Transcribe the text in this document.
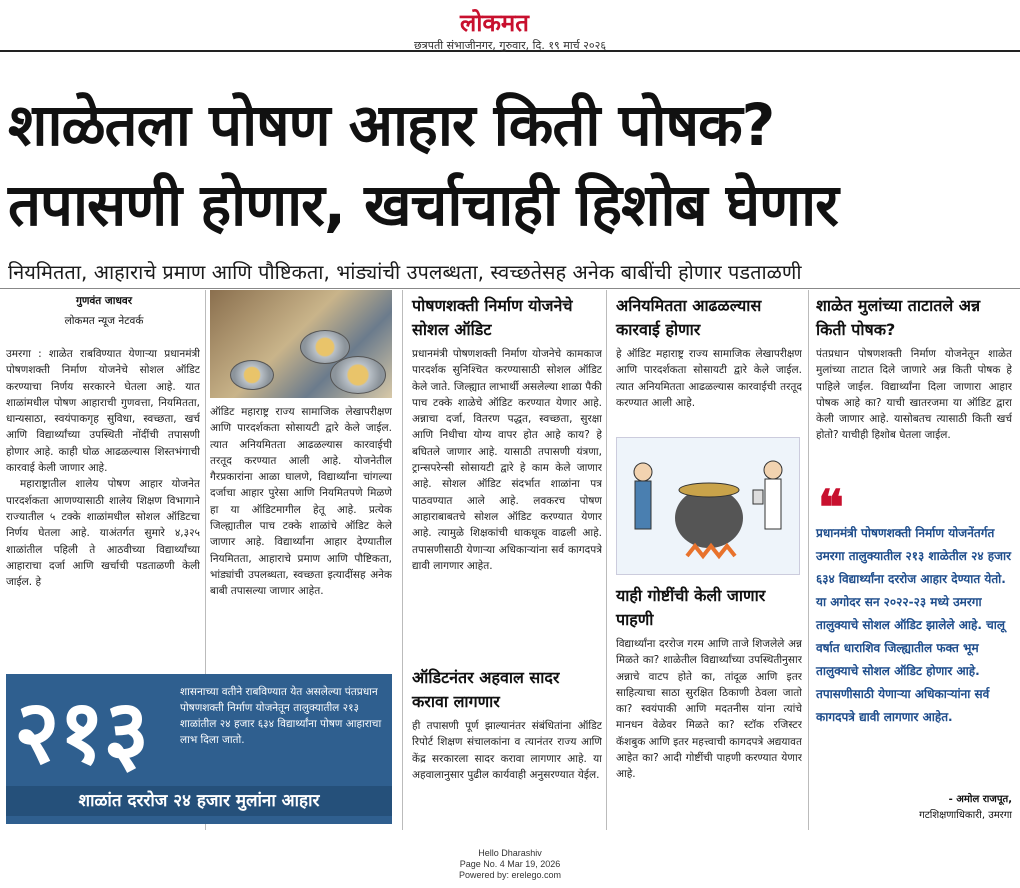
लोकमत
छत्रपती संभाजीनगर, गुरुवार, दि. १९ मार्च २०२६
शाळेतला पोषण आहार किती पोषक?
तपासणी होणार, खर्चाचाही हिशोब घेणार
नियमितता, आहाराचे प्रमाण आणि पौष्टिकता, भांड्यांची उपलब्धता, स्वच्छतेसह अनेक बाबींची होणार पडताळणी
गुणवंत जाधवर
लोकमत न्यूज नेटवर्क

उमरगा : शाळेत राबविण्यात येणाऱ्या प्रधानमंत्री पोषणशक्ती निर्माण योजनेचे सोशल ऑडिट करण्याचा निर्णय सरकारने घेतला आहे. यात शाळांमधील पोषण आहाराची गुणवत्ता, नियमितता, धान्यसाठा, स्वयंपाकगृह सुविधा, स्वच्छता, खर्च आणि विद्यार्थ्यांच्या उपस्थिती नोंदींची तपासणी होणार आहे. काही घोळ आढळल्यास शिस्तभंगाची कारवाई केली जाणार आहे.

महाराष्ट्रातील शालेय पोषण आहार योजनेत पारदर्शकता आणण्यासाठी शालेय शिक्षण विभागाने राज्यातील ५ टक्के शाळांमधील सोशल ऑडिटचा निर्णय घेतला आहे. याअंतर्गत सुमारे ४,३२५ शाळांतील पहिली ते आठवीच्या विद्यार्थ्यांच्या आहाराचा दर्जा आणि खर्चाची पडताळणी केली जाईल. हे

ऑडिट महाराष्ट्र राज्य सामाजिक लेखापरीक्षण आणि पारदर्शकता सोसायटी द्वारे केले जाईल. त्यात अनियमितता आढळल्यास कारवाईची तरतूद करण्यात आली आहे. योजनेतील गैरप्रकारांना आळा घालणे, विद्यार्थ्यांना चांगल्या दर्जाचा आहार पुरेसा आणि नियमितपणे मिळणे हा या ऑडिटमागील हेतू आहे. प्रत्येक जिल्ह्यातील पाच टक्के शाळांचे ऑडिट केले जाणार आहे. विद्यार्थ्यांना आहार देण्यातील नियमितता, आहाराचे प्रमाण आणि पौष्टिकता, भांड्यांची उपलब्धता, स्वच्छता इत्यादींसह अनेक बाबी तपासल्या जाणार आहेत.
२१३	शासनाच्या वतीने राबविण्यात येत असलेल्या पंतप्रधान पोषणशक्ती निर्माण योजनेतून तालुक्यातील २१३ शाळांतील २४ हजार ६३४ विद्यार्थ्यांना पोषण आहाराचा लाभ दिला जातो.
शाळांत दररोज २४ हजार मुलांना आहार
पोषणशक्ती निर्माण योजनेचे सोशल ऑडिट
प्रधानमंत्री पोषणशक्ती निर्माण योजनेचे कामकाज पारदर्शक सुनिश्चित करण्यासाठी सोशल ऑडिट केले जाते. जिल्ह्यात लाभार्थी असलेल्या शाळा पैकी पाच टक्के शाळेचे ऑडिट करण्यात येणार आहे. अन्नाचा दर्जा, वितरण पद्धत, स्वच्छता, सुरक्षा आणि निधीचा योग्य वापर होत आहे काय? हे बघितले जाणार आहे. यासाठी तपासणी यंत्रणा, ट्रान्सपरेन्सी सोसायटी द्वारे हे काम केले जाणार आहे. सोशल ऑडिट संदर्भात शाळांना पत्र पाठवण्यात आले आहे. लवकरच पोषण आहाराबाबतचे सोशल ऑडिट करण्यात येणार आहे. त्यामुळे शिक्षकांची धाकधूक वाढली आहे. तपासणीसाठी येणाऱ्या अधिकाऱ्यांना सर्व कागदपत्रे द्यावी लागणार आहेत.
ऑडिटनंतर अहवाल सादर करावा लागणार
ही तपासणी पूर्ण झाल्यानंतर संबंधितांना ऑडिट रिपोर्ट शिक्षण संचालकांना व त्यानंतर राज्य आणि केंद्र सरकारला सादर करावा लागणार आहे. या अहवालानुसार पुढील कार्यवाही अनुसरण्यात येईल.
अनियमितता आढळल्यास कारवाई होणार
हे ऑडिट महाराष्ट्र राज्य सामाजिक लेखापरीक्षण आणि पारदर्शकता सोसायटी द्वारे केले जाईल. त्यात अनियमितता आढळल्यास कारवाईची तरतूद करण्यात आली आहे.
याही गोष्टींची केली जाणार पाहणी
विद्यार्थ्यांना दररोज गरम आणि ताजे शिजलेले अन्न मिळते का? शाळेतील विद्यार्थ्यांच्या उपस्थितीनुसार अन्नाचे वाटप होते का, तांदूळ आणि इतर साहित्याचा साठा सुरक्षित ठिकाणी ठेवला जातो का? स्वयंपाकी आणि मदतनीस यांना त्यांचे मानधन वेळेवर मिळते का? स्टॉक रजिस्टर कॅशबुक आणि इतर महत्त्वाची कागदपत्रे अद्ययावत आहेत का? आदी गोष्टींची पाहणी करण्यात येणार आहे.
शाळेत मुलांच्या ताटातले अन्न किती पोषक?
पंतप्रधान पोषणशक्ती निर्माण योजनेतून शाळेत मुलांच्या ताटात दिले जाणारे अन्न किती पोषक हे पाहिले जाईल. विद्यार्थ्यांना दिला जाणारा आहार पोषक आहे का? याची खातरजमा या ऑडिट द्वारा केली जाणार आहे. यासोबतच त्यासाठी किती खर्च होतो? याचीही हिशोब घेतला जाईल.
❝
प्रधानमंत्री पोषणशक्ती निर्माण योजनेंतर्गत उमरगा तालुक्यातील २१३ शाळेतील २४ हजार ६३४ विद्यार्थ्यांना दररोज आहार देण्यात येतो. या अगोदर सन २०२२-२३ मध्ये उमरगा तालुक्याचे सोशल ऑडिट झालेले आहे. चालू वर्षात धाराशिव जिल्ह्यातील फक्त भूम तालुक्याचे सोशल ऑडिट होणार आहे. तपासणीसाठी येणाऱ्या अधिकाऱ्यांना सर्व कागदपत्रे द्यावी लागणार आहेत.
- अमोल राजपूत,
गटशिक्षणाधिकारी, उमरगा
Hello Dharashiv
Page No. 4 Mar 19, 2026
Powered by: erelego.com
